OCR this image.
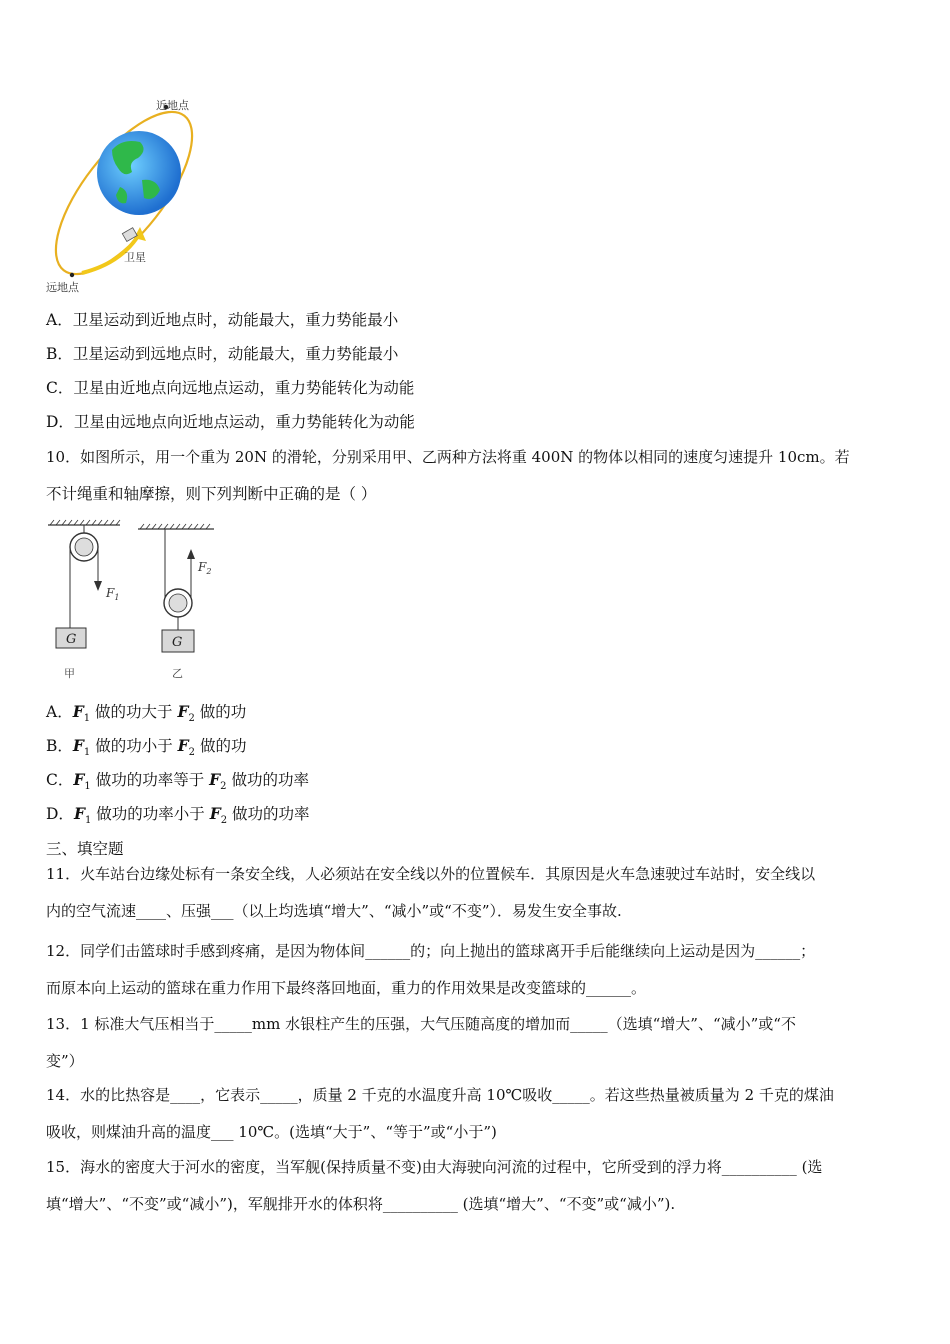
近地点
远地点
卫星
A．卫星运动到近地点时，动能最大，重力势能最小
B．卫星运动到远地点时，动能最大，重力势能最小
C．卫星由近地点向远地点运动，重力势能转化为动能
D．卫星由远地点向近地点运动，重力势能转化为动能
10．如图所示，用一个重为 20N 的滑轮，分别采用甲、乙两种方法将重 400N 的物体以相同的速度匀速提升 10cm。若
不计绳重和轴摩擦，则下列判断中正确的是（ ）
$F_1$
G
甲
$F_2$
G
乙
A．$F_1$ 做的功大于 $F_2$ 做的功
B．$F_1$ 做的功小于 $F_2$ 做的功
C．$F_1$ 做功的功率等于 $F_2$ 做功的功率
D．$F_1$ 做功的功率小于 $F_2$ 做功的功率
三、填空题
11．火车站台边缘处标有一条安全线，人必须站在安全线以外的位置候车．其原因是火车急速驶过车站时，安全线以
内的空气流速____、压强___（以上均选填“增大”、“减小”或“不变”）．易发生安全事故.
12．同学们击篮球时手感到疼痛，是因为物体间______的；向上抛出的篮球离开手后能继续向上运动是因为______；
而原本向上运动的篮球在重力作用下最终落回地面，重力的作用效果是改变篮球的______。
13．1 标准大气压相当于_____mm 水银柱产生的压强，大气压随高度的增加而_____（选填“增大”、“减小”或“不
变”）
14．水的比热容是____，它表示_____，质量 2 千克的水温度升高 10℃吸收_____。若这些热量被质量为 2 千克的煤油
吸收，则煤油升高的温度___ 10℃。(选填“大于”、“等于”或“小于”)
15．海水的密度大于河水的密度，当军舰(保持质量不变)由大海驶向河流的过程中，它所受到的浮力将__________ (选
填“增大”、“不变”或“减小”)，军舰排开水的体积将__________ (选填“增大”、“不变”或“减小”).
